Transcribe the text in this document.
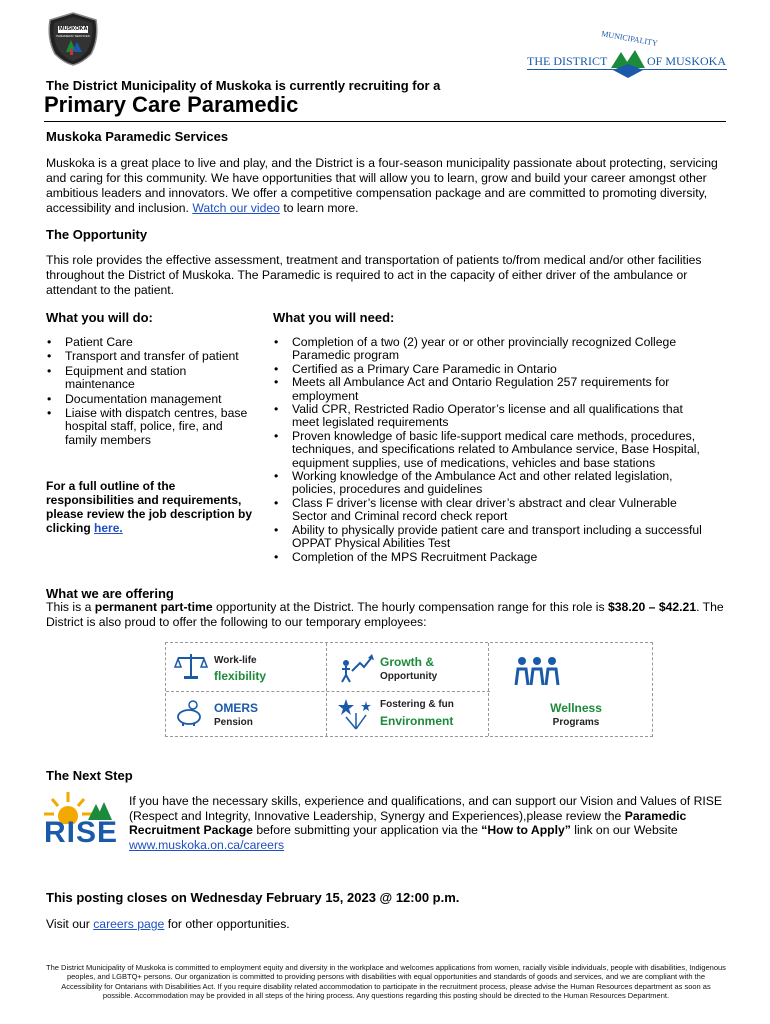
MUSKOKA
PARAMEDIC SERVICES	MUNICIPALITY
THE DISTRICT	OF MUSKOKA
The District Municipality of Muskoka is currently recruiting for a
Primary Care Paramedic
Muskoka Paramedic Services

Muskoka is a great place to live and play, and the District is a four-season municipality passionate about protecting, servicing and caring for this community. We have opportunities that will allow you to learn, grow and build your career amongst other ambitious leaders and innovators. We offer a competitive compensation package and are committed to promoting diversity, accessibility and inclusion. Watch our video to learn more.

The Opportunity

This role provides the effective assessment, treatment and transportation of patients to/from medical and/or other facilities throughout the District of Muskoka. The Paramedic is required to act in the capacity of either driver of the ambulance or attendant to the patient.

What you will do:
• Patient Care
• Transport and transfer of patient
• Equipment and station maintenance
• Documentation management
• Liaise with dispatch centres, base hospital staff, police, fire, and family members

For a full outline of the responsibilities and requirements, please review the job description by clicking here.

What you will need:
• Completion of a two (2) year or or other provincially recognized College Paramedic program
• Certified as a Primary Care Paramedic in Ontario
• Meets all Ambulance Act and Ontario Regulation 257 requirements for employment
• Valid CPR, Restricted Radio Operator’s license and all qualifications that meet legislated requirements
• Proven knowledge of basic life-support medical care methods, procedures, techniques, and specifications related to Ambulance service, Base Hospital, equipment supplies, use of medications, vehicles and base stations
• Working knowledge of the Ambulance Act and other related legislation, policies, procedures and guidelines
• Class F driver’s license with clear driver’s abstract and clear Vulnerable Sector and Criminal record check report
• Ability to physically provide patient care and transport including a successful OPPAT Physical Abilities Test
• Completion of the MPS Recruitment Package
What we are offering

This is a permanent part-time opportunity at the District. The hourly compensation range for this role is $38.20 – $42.21. The District is also proud to offer the following to our temporary employees:

Work-life
flexibility
Growth &
Opportunity
Wellness
Programs
OMERS
Pension
Fostering & fun
Environment
The Next Step
RISE

If you have the necessary skills, experience and qualifications, and can support our Vision and Values of RISE (Respect and Integrity, Innovative Leadership, Synergy and Experiences),please review the Paramedic Recruitment Package before submitting your application via the “How to Apply” link on our Website www.muskoka.on.ca/careers

This posting closes on Wednesday February 15, 2023 @ 12:00 p.m.

Visit our careers page for other opportunities.

The District Municipality of Muskoka is committed to employment equity and diversity in the workplace and welcomes applications from women, racially visible individuals, people with disabilities, Indigenous peoples, and LGBTQ+ persons. Our organization is committed to providing persons with disabilities with equal opportunities and standards of goods and services, and we are compliant with the Accessibility for Ontarians with Disabilities Act. If you require disability related accommodation to participate in the recruitment process, please advise the Human Resources department as soon as possible. Accommodation may be provided in all steps of the hiring process. Any questions regarding this posting should be directed to the Human Resources Department.
